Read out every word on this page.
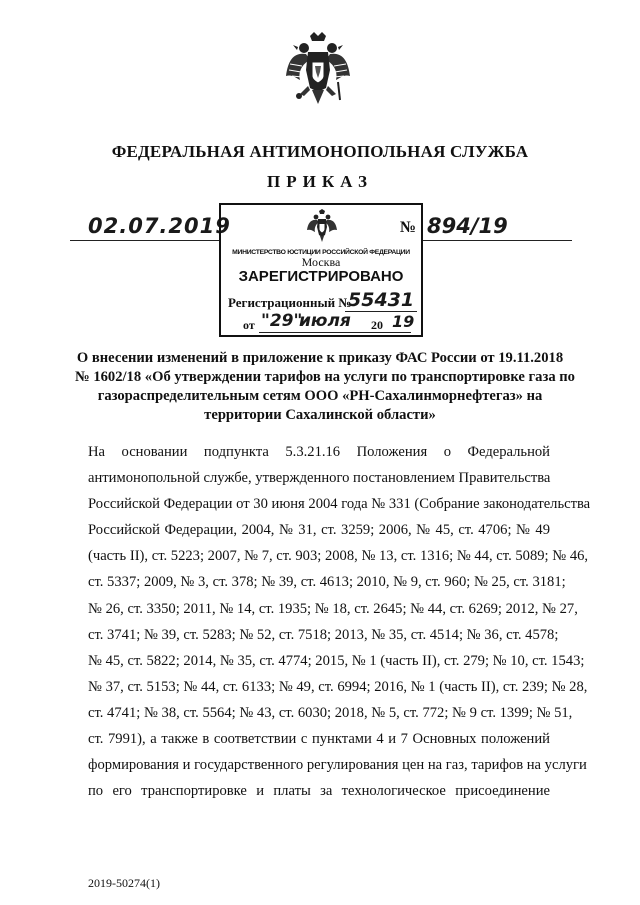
ФЕДЕРАЛЬНАЯ АНТИМОНОПОЛЬНАЯ СЛУЖБА
ПРИКАЗ
02.07.2019	№ 894/19
МИНИСТЕРСТВО ЮСТИЦИИ РОССИЙСКОЙ ФЕДЕРАЦИИ
Москва
ЗАРЕГИСТРИРОВАНО
Регистрационный №
55431
от "29"
июля 20 19
О внесении изменений в приложение к приказу ФАС России от 19.11.2018
№ 1602/18 «Об утверждении тарифов на услуги по транспортировке газа по
газораспределительным сетям ООО «РН-Сахалинморнефтегаз» на
территории Сахалинской области»
На основании подпункта 5.3.21.16 Положения о Федеральной
антимонопольной службе, утвержденного постановлением Правительства
Российской Федерации от 30 июня 2004 года № 331 (Собрание законодательства
Российской Федерации, 2004, № 31, ст. 3259; 2006, № 45, ст. 4706; № 49
(часть II), ст. 5223; 2007, № 7, ст. 903; 2008, № 13, ст. 1316; № 44, ст. 5089; № 46,
ст. 5337; 2009, № 3, ст. 378; № 39, ст. 4613; 2010, № 9, ст. 960; № 25, ст. 3181;
№ 26, ст. 3350; 2011, № 14, ст. 1935; № 18, ст. 2645; № 44, ст. 6269; 2012, № 27,
ст. 3741; № 39, ст. 5283; № 52, ст. 7518; 2013, № 35, ст. 4514; № 36, ст. 4578;
№ 45, ст. 5822; 2014, № 35, ст. 4774; 2015, № 1 (часть II), ст. 279; № 10, ст. 1543;
№ 37, ст. 5153; № 44, ст. 6133; № 49, ст. 6994; 2016, № 1 (часть II), ст. 239; № 28,
ст. 4741; № 38, ст. 5564; № 43, ст. 6030; 2018, № 5, ст. 772; № 9 ст. 1399; № 51,
ст. 7991), а также в соответствии с пунктами 4 и 7 Основных положений
формирования и государственного регулирования цен на газ, тарифов на услуги
по его транспортировке и платы за технологическое присоединение
2019-50274(1)
